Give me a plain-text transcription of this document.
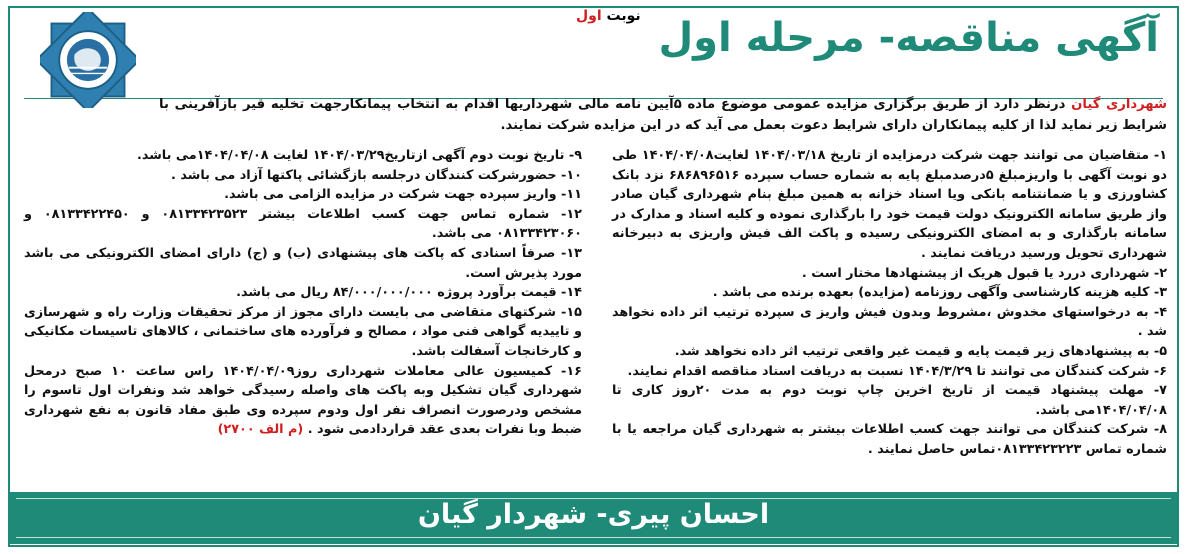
آگهی مناقصه- مرحله اول
نوبت اول
شهرداری گیان درنظر دارد از طریق برگزاری مزایده عمومی موضوع ماده ۵آیین نامه مالی شهرداریها اقدام به انتخاب پیمانکارجهت تخلیه قیر بازآفرینی با شرایط زیر نماید لذا از کلیه پیمانکاران دارای شرایط دعوت بعمل می آید که در این مزایده شرکت نمایند.

۱- متقاضیان می توانند جهت شرکت درمزایده از تاریخ ۱۴۰۴/۰۳/۱۸ لغایت۱۴۰۴/۰۴/۰۸ طی دو نوبت آگهی با واریزمبلغ ۵درصدمبلغ پایه به شماره حساب سپرده ۶۸۶۸۹۶۵۱۶ نزد بانک کشاورزی و یا ضمانتنامه بانکی ویا اسناد خزانه به همین مبلغ بنام شهرداری گیان صادر واز طریق سامانه الکترونیک دولت قیمت خود را بارگذاری نموده و کلیه اسناد و مدارک در سامانه بارگذاری و به امضای الکترونیکی رسیده و پاکت الف فیش واریزی به دبیرخانه شهرداری تحویل ورسید دریافت نمایند .

۲- شهرداری دررد یا قبول هریک از پیشنهادها مختار است .

۳- کلیه هزینه کارشناسی وآگهی روزنامه (مزایده) بعهده برنده می باشد .

۴- به درخواستهای مخدوش ،مشروط وبدون فیش واریز ی سپرده ترتیب اثر داده نخواهد شد .

۵- به پیشنهادهای زیر قیمت پایه و قیمت غیر واقعی ترتیب اثر داده نخواهد شد.

۶- شرکت کنندگان می توانند تا ۱۴۰۴/۳/۲۹ نسبت به دریافت اسناد مناقصه اقدام نمایند.

۷- مهلت پیشنهاد قیمت از تاریخ اخرین چاپ نوبت دوم به مدت ۲۰روز کاری تا ۱۴۰۴/۰۴/۰۸می باشد.

۸- شرکت کنندگان می توانند جهت کسب اطلاعات بیشتر به شهرداری گیان مراجعه یا با شماره تماس ۰۸۱۳۳۴۲۳۲۲۳تماس حاصل نمایند .

۹- تاریخ نوبت دوم آگهی ازتاریخ۱۴۰۴/۰۳/۲۹ لغایت ۱۴۰۴/۰۴/۰۸می باشد.

۱۰- حضورشرکت کنندگان درجلسه بازگشائی پاکتها آزاد می باشد .

۱۱- واریز سپرده جهت شرکت در مزایده الزامی می باشد.

۱۲- شماره تماس جهت کسب اطلاعات بیشتر ۰۸۱۳۳۴۲۳۵۲۳ و ۰۸۱۳۳۴۲۲۴۵۰ و ۰۸۱۳۳۴۲۳۰۶۰ می باشد.

۱۳- صرفاً اسنادی که پاکت های پیشنهادی (ب) و (ج) دارای امضای الکترونیکی می باشد مورد پذیرش است.

۱۴- قیمت برآورد پروژه ۸۴/۰۰۰/۰۰۰/۰۰۰ ریال می باشد.

۱۵- شرکتهای متقاضی می بایست دارای مجوز از مرکز تحقیقات وزارت راه و شهرسازی و تاییدیه گواهی فنی مواد ، مصالح و فرآورده های ساختمانی ، کالاهای تاسیسات مکانیکی و کارخانجات آسفالت باشد.

۱۶- کمیسیون عالی معاملات شهرداری روز۱۴۰۴/۰۴/۰۹ راس ساعت ۱۰ صبح درمحل شهرداری گیان تشکیل وبه پاکت های واصله رسیدگی خواهد شد ونفرات اول تاسوم را مشخص ودرصورت انصراف نفر اول ودوم سپرده وی طبق مفاد قانون به نفع شهرداری ضبط وبا نفرات بعدی عقد قراردادمی شود . (م الف ۲۷۰۰)

احسان پیری- شهردار گیان
